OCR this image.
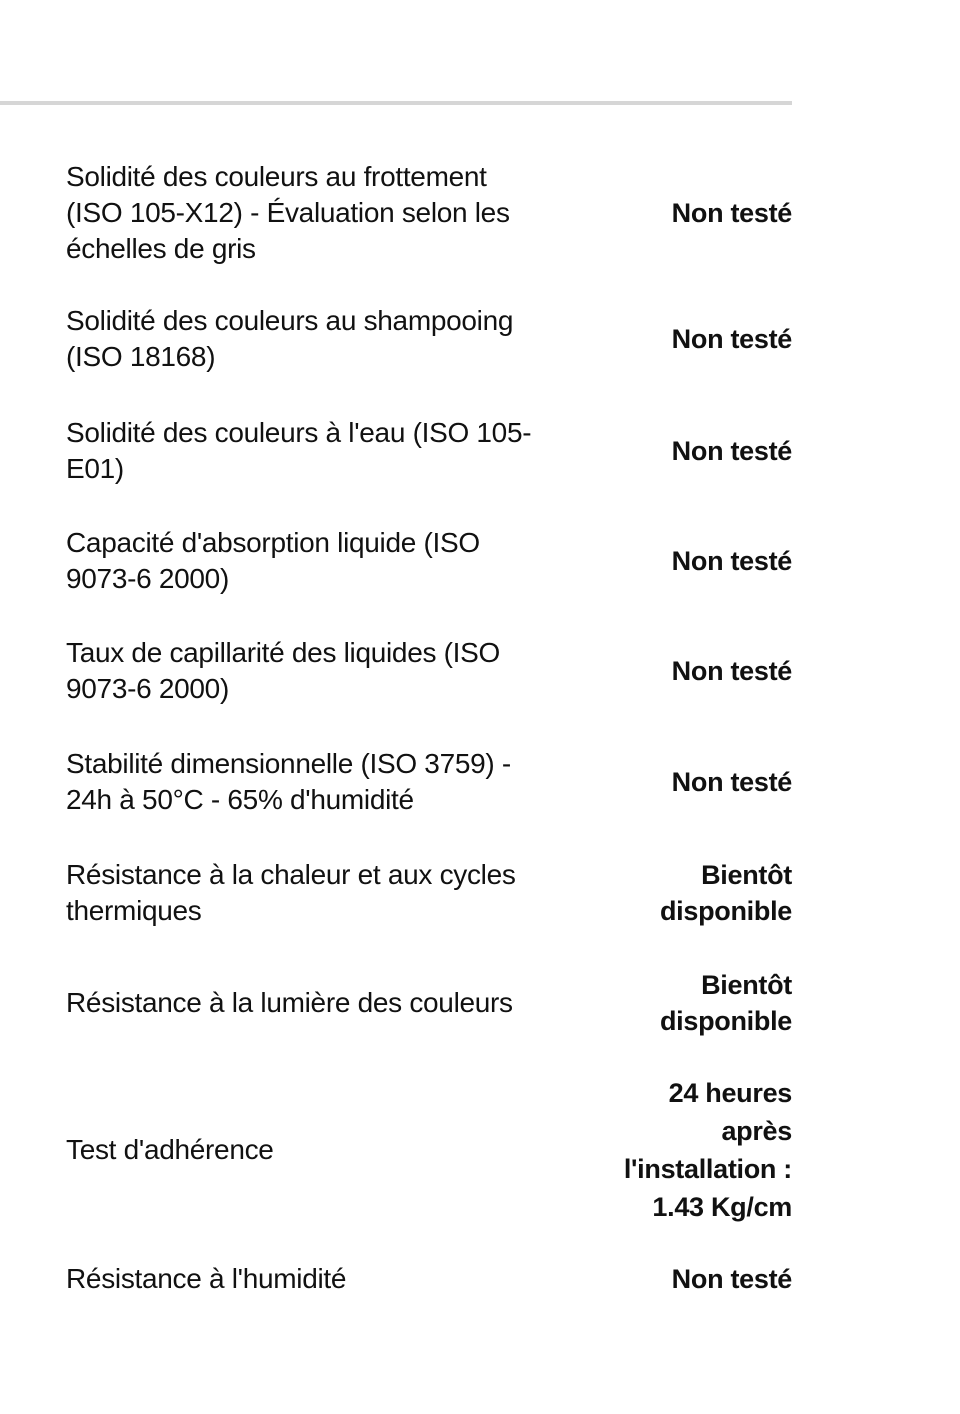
Solidité des couleurs au frottement
(ISO 105-X12) - Évaluation selon les
échelles de gris
Non testé
Solidité des couleurs au shampooing
(ISO 18168)
Non testé
Solidité des couleurs à l'eau (ISO 105-
E01)
Non testé
Capacité d'absorption liquide (ISO
9073-6 2000)
Non testé
Taux de capillarité des liquides (ISO
9073-6 2000)
Non testé
Stabilité dimensionnelle (ISO 3759) -
24h à 50°C - 65% d'humidité
Non testé
Résistance à la chaleur et aux cycles
thermiques
Bientôt
disponible
Résistance à la lumière des couleurs
Bientôt
disponible
Test d'adhérence
24 heures
après
l'installation :
1.43 Kg/cm
Résistance à l'humidité	Non testé
